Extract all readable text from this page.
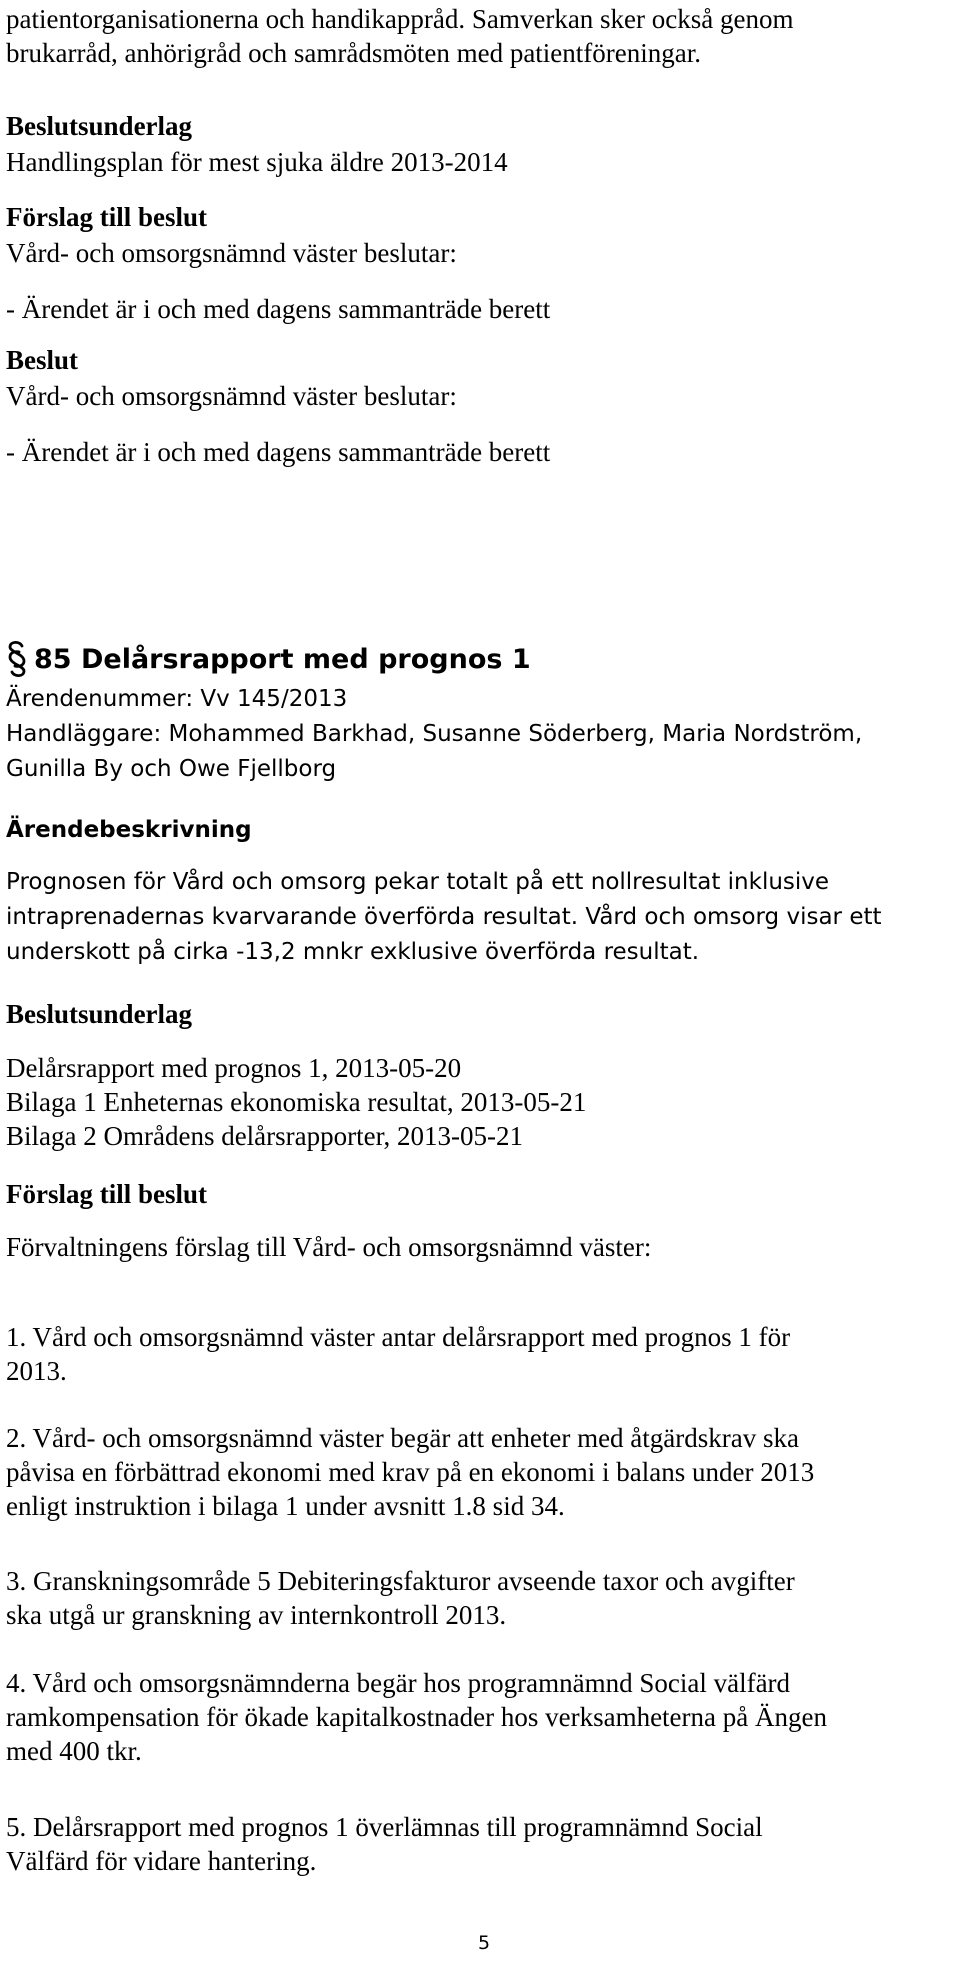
patientorganisationerna och handikappråd. Samverkan sker också genom
brukarråd, anhörigråd och samrådsmöten med patientföreningar.
Beslutsunderlag
Handlingsplan för mest sjuka äldre 2013-2014
Förslag till beslut
Vård- och omsorgsnämnd väster beslutar:
- Ärendet är i och med dagens sammanträde berett
Beslut
Vård- och omsorgsnämnd väster beslutar:
- Ärendet är i och med dagens sammanträde berett
85 Delårsrapport med prognos 1
Ärendenummer: Vv 145/2013
Handläggare: Mohammed Barkhad, Susanne Söderberg, Maria Nordström,
Gunilla By och Owe Fjellborg
Ärendebeskrivning
Prognosen för Vård och omsorg pekar totalt på ett nollresultat inklusive
intraprenadernas kvarvarande överförda resultat. Vård och omsorg visar ett
underskott på cirka -13,2 mnkr exklusive överförda resultat.
Beslutsunderlag
Delårsrapport med prognos 1, 2013-05-20
Bilaga 1 Enheternas ekonomiska resultat, 2013-05-21
Bilaga 2 Områdens delårsrapporter, 2013-05-21
Förslag till beslut
Förvaltningens förslag till Vård- och omsorgsnämnd väster:
1. Vård och omsorgsnämnd väster antar delårsrapport med prognos 1 för
2013.
2. Vård- och omsorgsnämnd väster begär att enheter med åtgärdskrav ska
påvisa en förbättrad ekonomi med krav på en ekonomi i balans under 2013
enligt instruktion i bilaga 1 under avsnitt 1.8 sid 34.
3. Granskningsområde 5 Debiteringsfakturor avseende taxor och avgifter
ska utgå ur granskning av internkontroll 2013.
4. Vård och omsorgsnämnderna begär hos programnämnd Social välfärd
ramkompensation för ökade kapitalkostnader hos verksamheterna på Ängen
med 400 tkr.
5. Delårsrapport med prognos 1 överlämnas till programnämnd Social
Välfärd för vidare hantering.
5
